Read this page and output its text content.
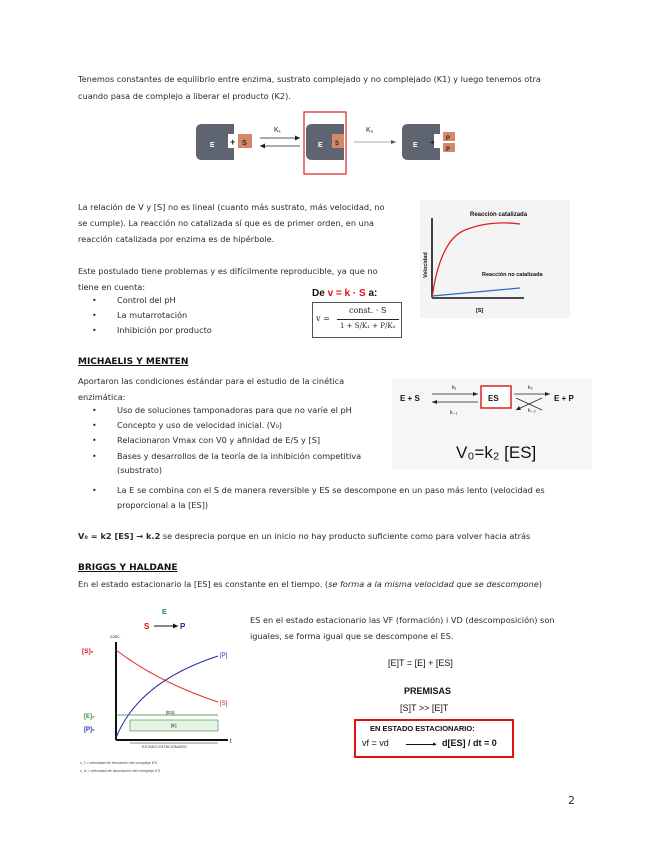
Tenemos constantes de equilibrio entre enzima, sustrato complejado y no complejado (K1) y luego tenemos otra

cuando pasa de complejo a liberar el producto (K2).

E + S
K₁
E S
K₂
E + P
P

La relación de V y [S] no es lineal (cuanto más sustrato, más velocidad, no

se cumple). La reacción no catalizada sí que es de primer orden, en una

reacción catalizada por enzima es de hipérbole.

Este postulado tiene problemas y es difícilmente reproducible, ya que no

tiene en cuenta:

• Control del pH
• La mutarrotación
• Inhibición por producto
De v = k · S a:
v =
const. · S
1 + S/K₁ + P/K₂
Reacción catalizada
Velocidad	Reacción no catalizada
[S]
MICHAELIS Y MENTEN

Aportaron las condiciones estándar para el estudio de la cinética

enzimática:

• Uso de soluciones tamponadoras para que no varíe el pH
• Concepto y uso de velocidad inicial. (V₀)
• Relacionaron Vmax con V0 y afinidad de E/S y [S]
• Bases y desarrollos de la teoría de la inhibición competitiva

(substrato)

• La E se combina con el S de manera reversible y ES se descompone en un paso más lento (velocidad es

proporcional a la [ES])

V₀ = k2 [ES] → k.2 se desprecia porque en un inicio no hay producto suficiente como para volver hacia atrás

E + S
k₁
k₋₁
ES
k₂
k₋₂
E + P
V₀=k₂ [ES]
BRIGGS Y HALDANE

En el estado estacionario la [ES] es constante en el tiempo. (se forma a la misma velocidad que se descompone)

ES en el estado estacionario las VF (formación) i VD (descomposición) son

iguales, se forma igual que se descompone el ES.

E
S	P
conc.
t
[S]₀
[S]
[P]
[E]₀
[P]₀
[ES]
[E]
ESTADO ESTACIONARIO
v_f = velocidad de formación del complejo ES
v_d = velocidad de disociación del complejo ES
[E]T = [E] + [ES]
PREMISAS
[S]T >> [E]T
EN ESTADO ESTACIONARIO:
vf = vd	▸ d[ES] / dt = 0
2
